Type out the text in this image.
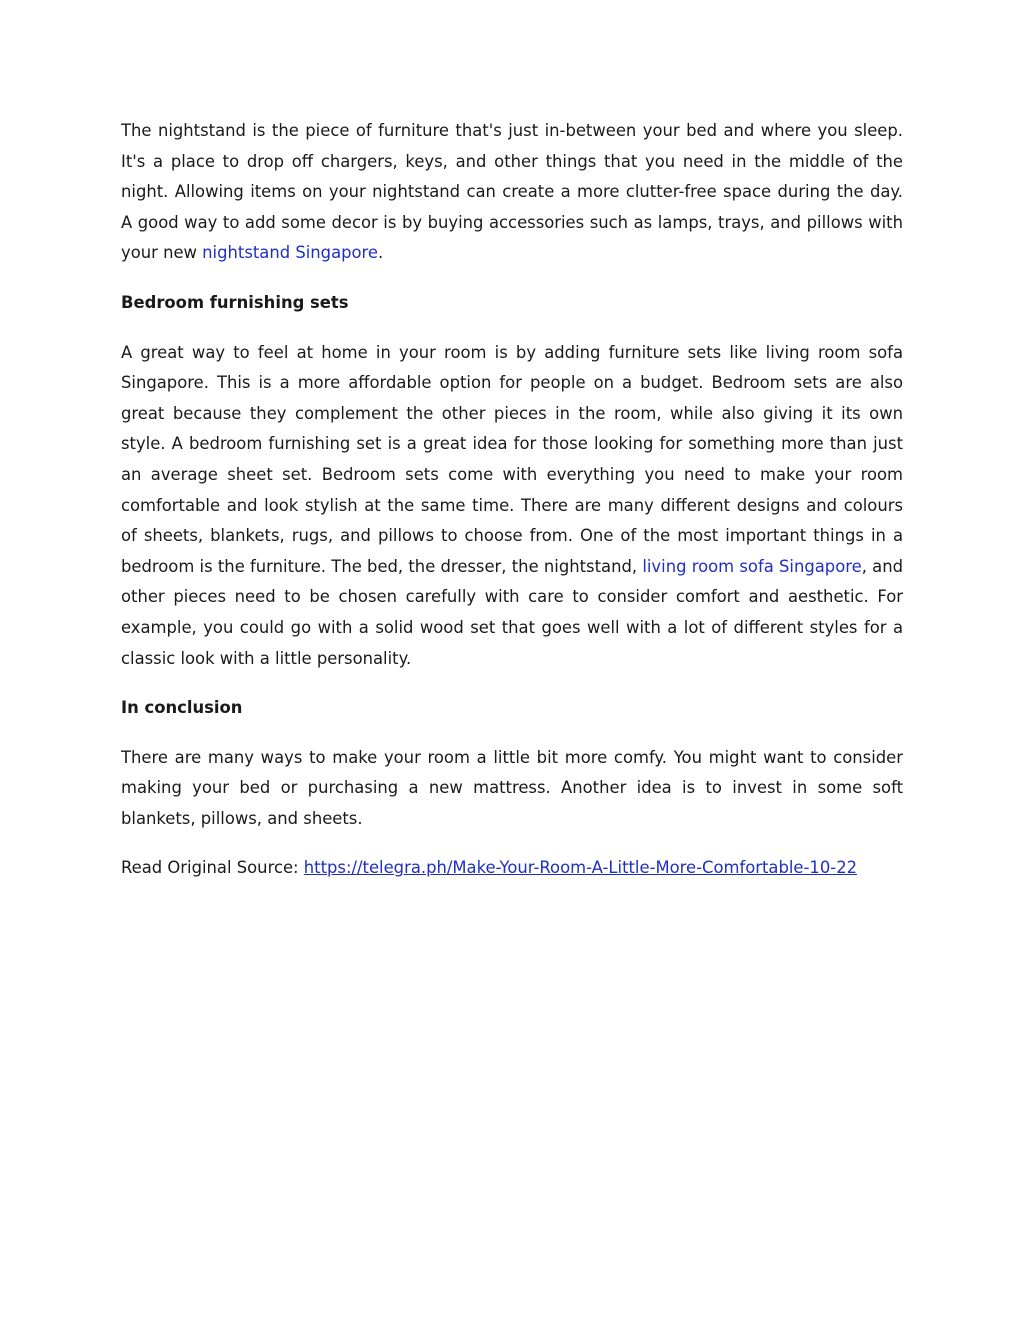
The nightstand is the piece of furniture that's just in-between your bed and where you sleep. It's a place to drop off chargers, keys, and other things that you need in the middle of the night. Allowing items on your nightstand can create a more clutter-free space during the day. A good way to add some decor is by buying accessories such as lamps, trays, and pillows with your new nightstand Singapore.

Bedroom furnishing sets

A great way to feel at home in your room is by adding furniture sets like living room sofa Singapore. This is a more affordable option for people on a budget. Bedroom sets are also great because they complement the other pieces in the room, while also giving it its own style. A bedroom furnishing set is a great idea for those looking for something more than just an average sheet set. Bedroom sets come with everything you need to make your room comfortable and look stylish at the same time. There are many different designs and colours of sheets, blankets, rugs, and pillows to choose from. One of the most important things in a bedroom is the furniture. The bed, the dresser, the nightstand, living room sofa Singapore, and other pieces need to be chosen carefully with care to consider comfort and aesthetic. For example, you could go with a solid wood set that goes well with a lot of different styles for a classic look with a little personality.

In conclusion

There are many ways to make your room a little bit more comfy. You might want to consider making your bed or purchasing a new mattress. Another idea is to invest in some soft blankets, pillows, and sheets.

Read Original Source: https://telegra.ph/Make-Your-Room-A-Little-More-Comfortable-10-22
